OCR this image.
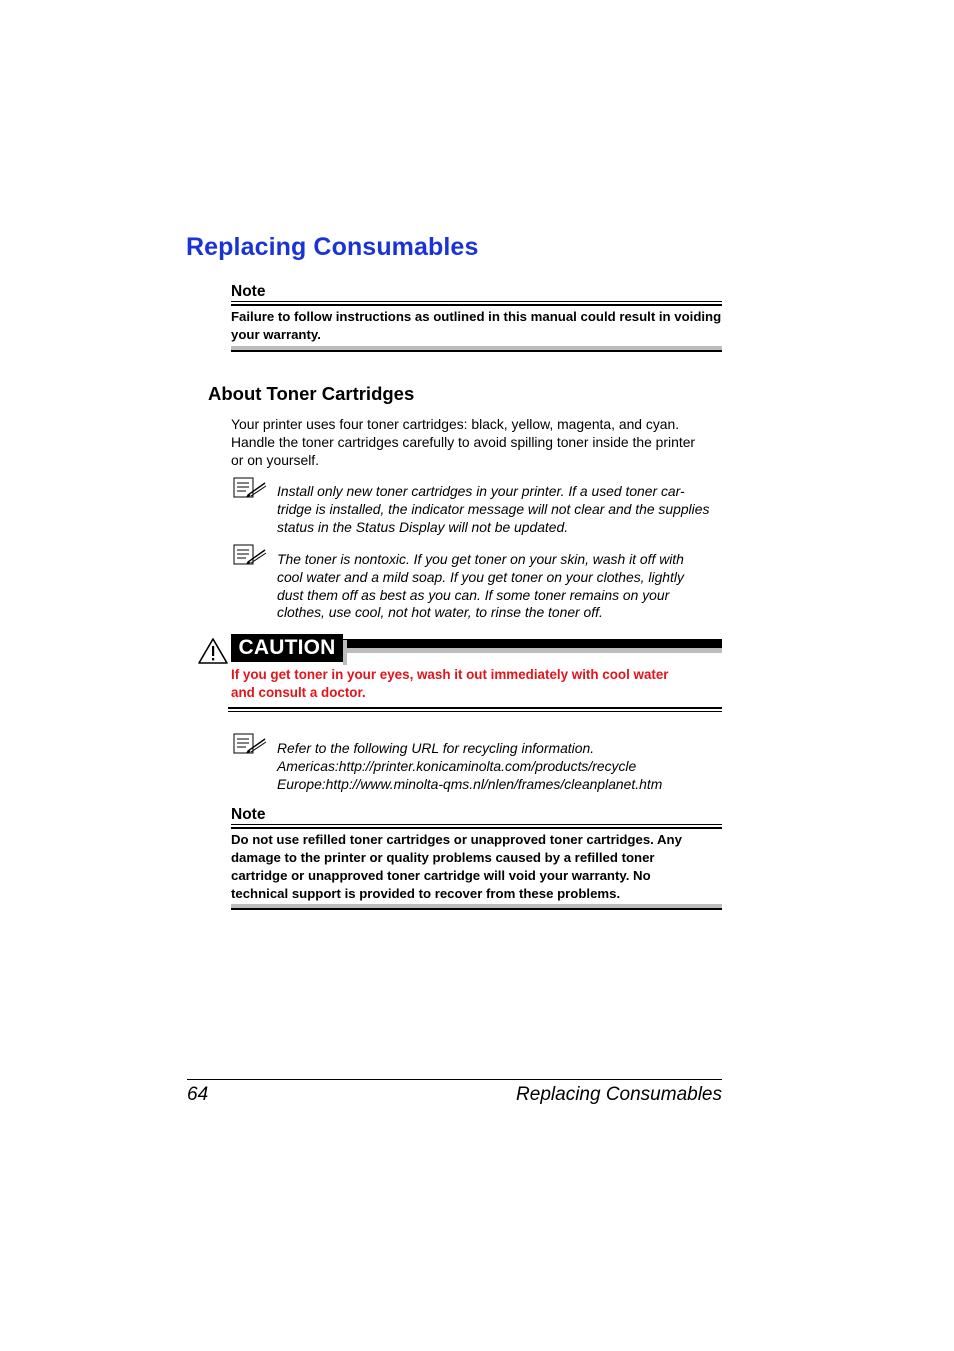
Replacing Consumables
Note
Failure to follow instructions as outlined in this manual could result in voiding your warranty.
About Toner Cartridges
Your printer uses four toner cartridges: black, yellow, magenta, and cyan.
Handle the toner cartridges carefully to avoid spilling toner inside the printer
or on yourself.
Install only new toner cartridges in your printer. If a used toner car-
tridge is installed, the indicator message will not clear and the supplies
status in the Status Display will not be updated.
The toner is nontoxic. If you get toner on your skin, wash it off with
cool water and a mild soap. If you get toner on your clothes, lightly
dust them off as best as you can. If some toner remains on your
clothes, use cool, not hot water, to rinse the toner off.
CAUTION
If you get toner in your eyes, wash it out immediately with cool water
and consult a doctor.
Refer to the following URL for recycling information.
Americas:http://printer.konicaminolta.com/products/recycle
Europe:http://www.minolta-qms.nl/nlen/frames/cleanplanet.htm
Note
Do not use refilled toner cartridges or unapproved toner cartridges. Any
damage to the printer or quality problems caused by a refilled toner
cartridge or unapproved toner cartridge will void your warranty. No
technical support is provided to recover from these problems.
64	Replacing Consumables
